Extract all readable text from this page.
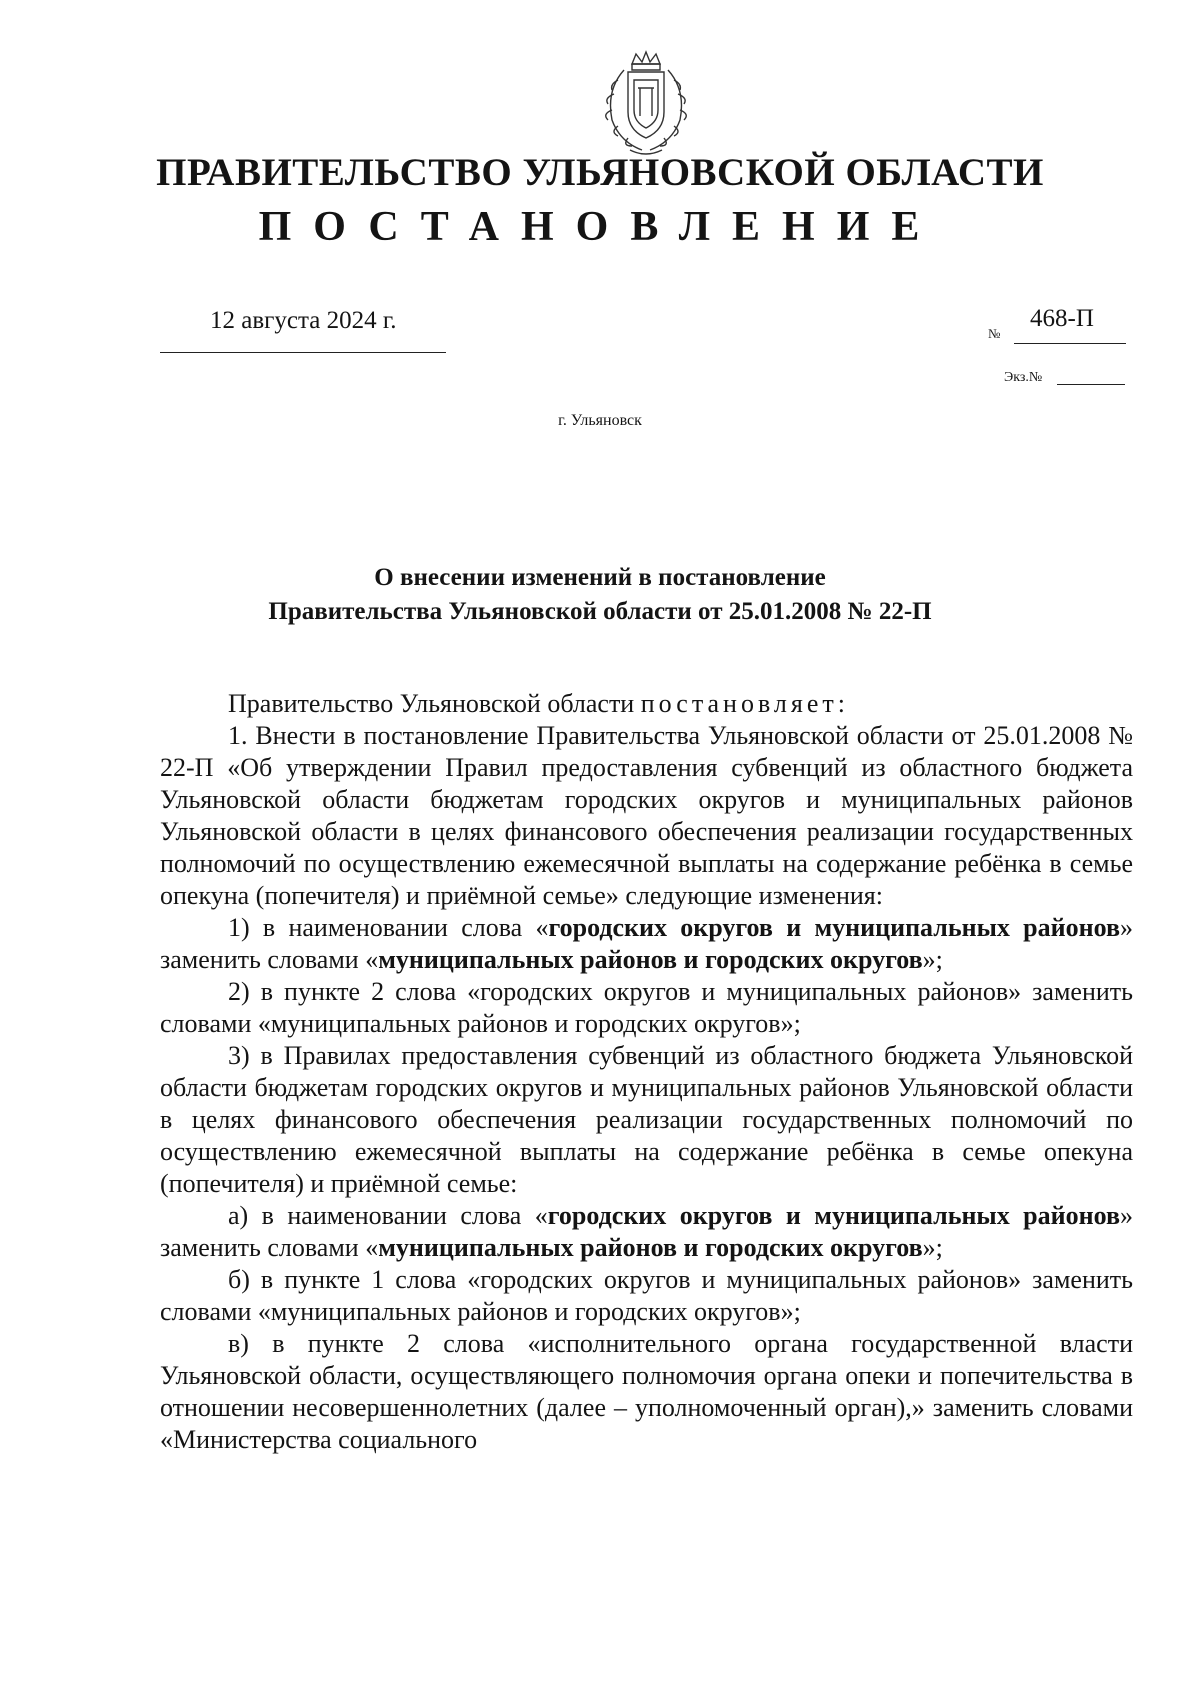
ПРАВИТЕЛЬСТВО УЛЬЯНОВСКОЙ ОБЛАСТИ
ПОСТАНОВЛЕНИЕ
12 августа 2024 г.	№
468-П
Экз.№
г. Ульяновск
О внесении изменений в постановление
Правительства Ульяновской области от 25.01.2008 № 22-П

Правительство Ульяновской области постановляет:

1. Внести в постановление Правительства Ульяновской области от 25.01.2008 № 22-П «Об утверждении Правил предоставления субвенций из областного бюджета Ульяновской области бюджетам городских округов и муниципальных районов Ульяновской области в целях финансового обеспечения реализации государственных полномочий по осуществлению ежемесячной выплаты на содержание ребёнка в семье опекуна (попечителя) и приёмной семье» следующие изменения:

1) в наименовании слова «городских округов и муниципальных районов» заменить словами «муниципальных районов и городских округов»;

2) в пункте 2 слова «городских округов и муниципальных районов» заменить словами «муниципальных районов и городских округов»;

3) в Правилах предоставления субвенций из областного бюджета Ульяновской области бюджетам городских округов и муниципальных районов Ульяновской области в целях финансового обеспечения реализации государственных полномочий по осуществлению ежемесячной выплаты на содержание ребёнка в семье опекуна (попечителя) и приёмной семье:

а) в наименовании слова «городских округов и муниципальных районов» заменить словами «муниципальных районов и городских округов»;

б) в пункте 1 слова «городских округов и муниципальных районов» заменить словами «муниципальных районов и городских округов»;

в) в пункте 2 слова «исполнительного органа государственной власти Ульяновской области, осуществляющего полномочия органа опеки и попечительства в отношении несовершеннолетних (далее – уполномоченный орган),» заменить словами «Министерства социального
